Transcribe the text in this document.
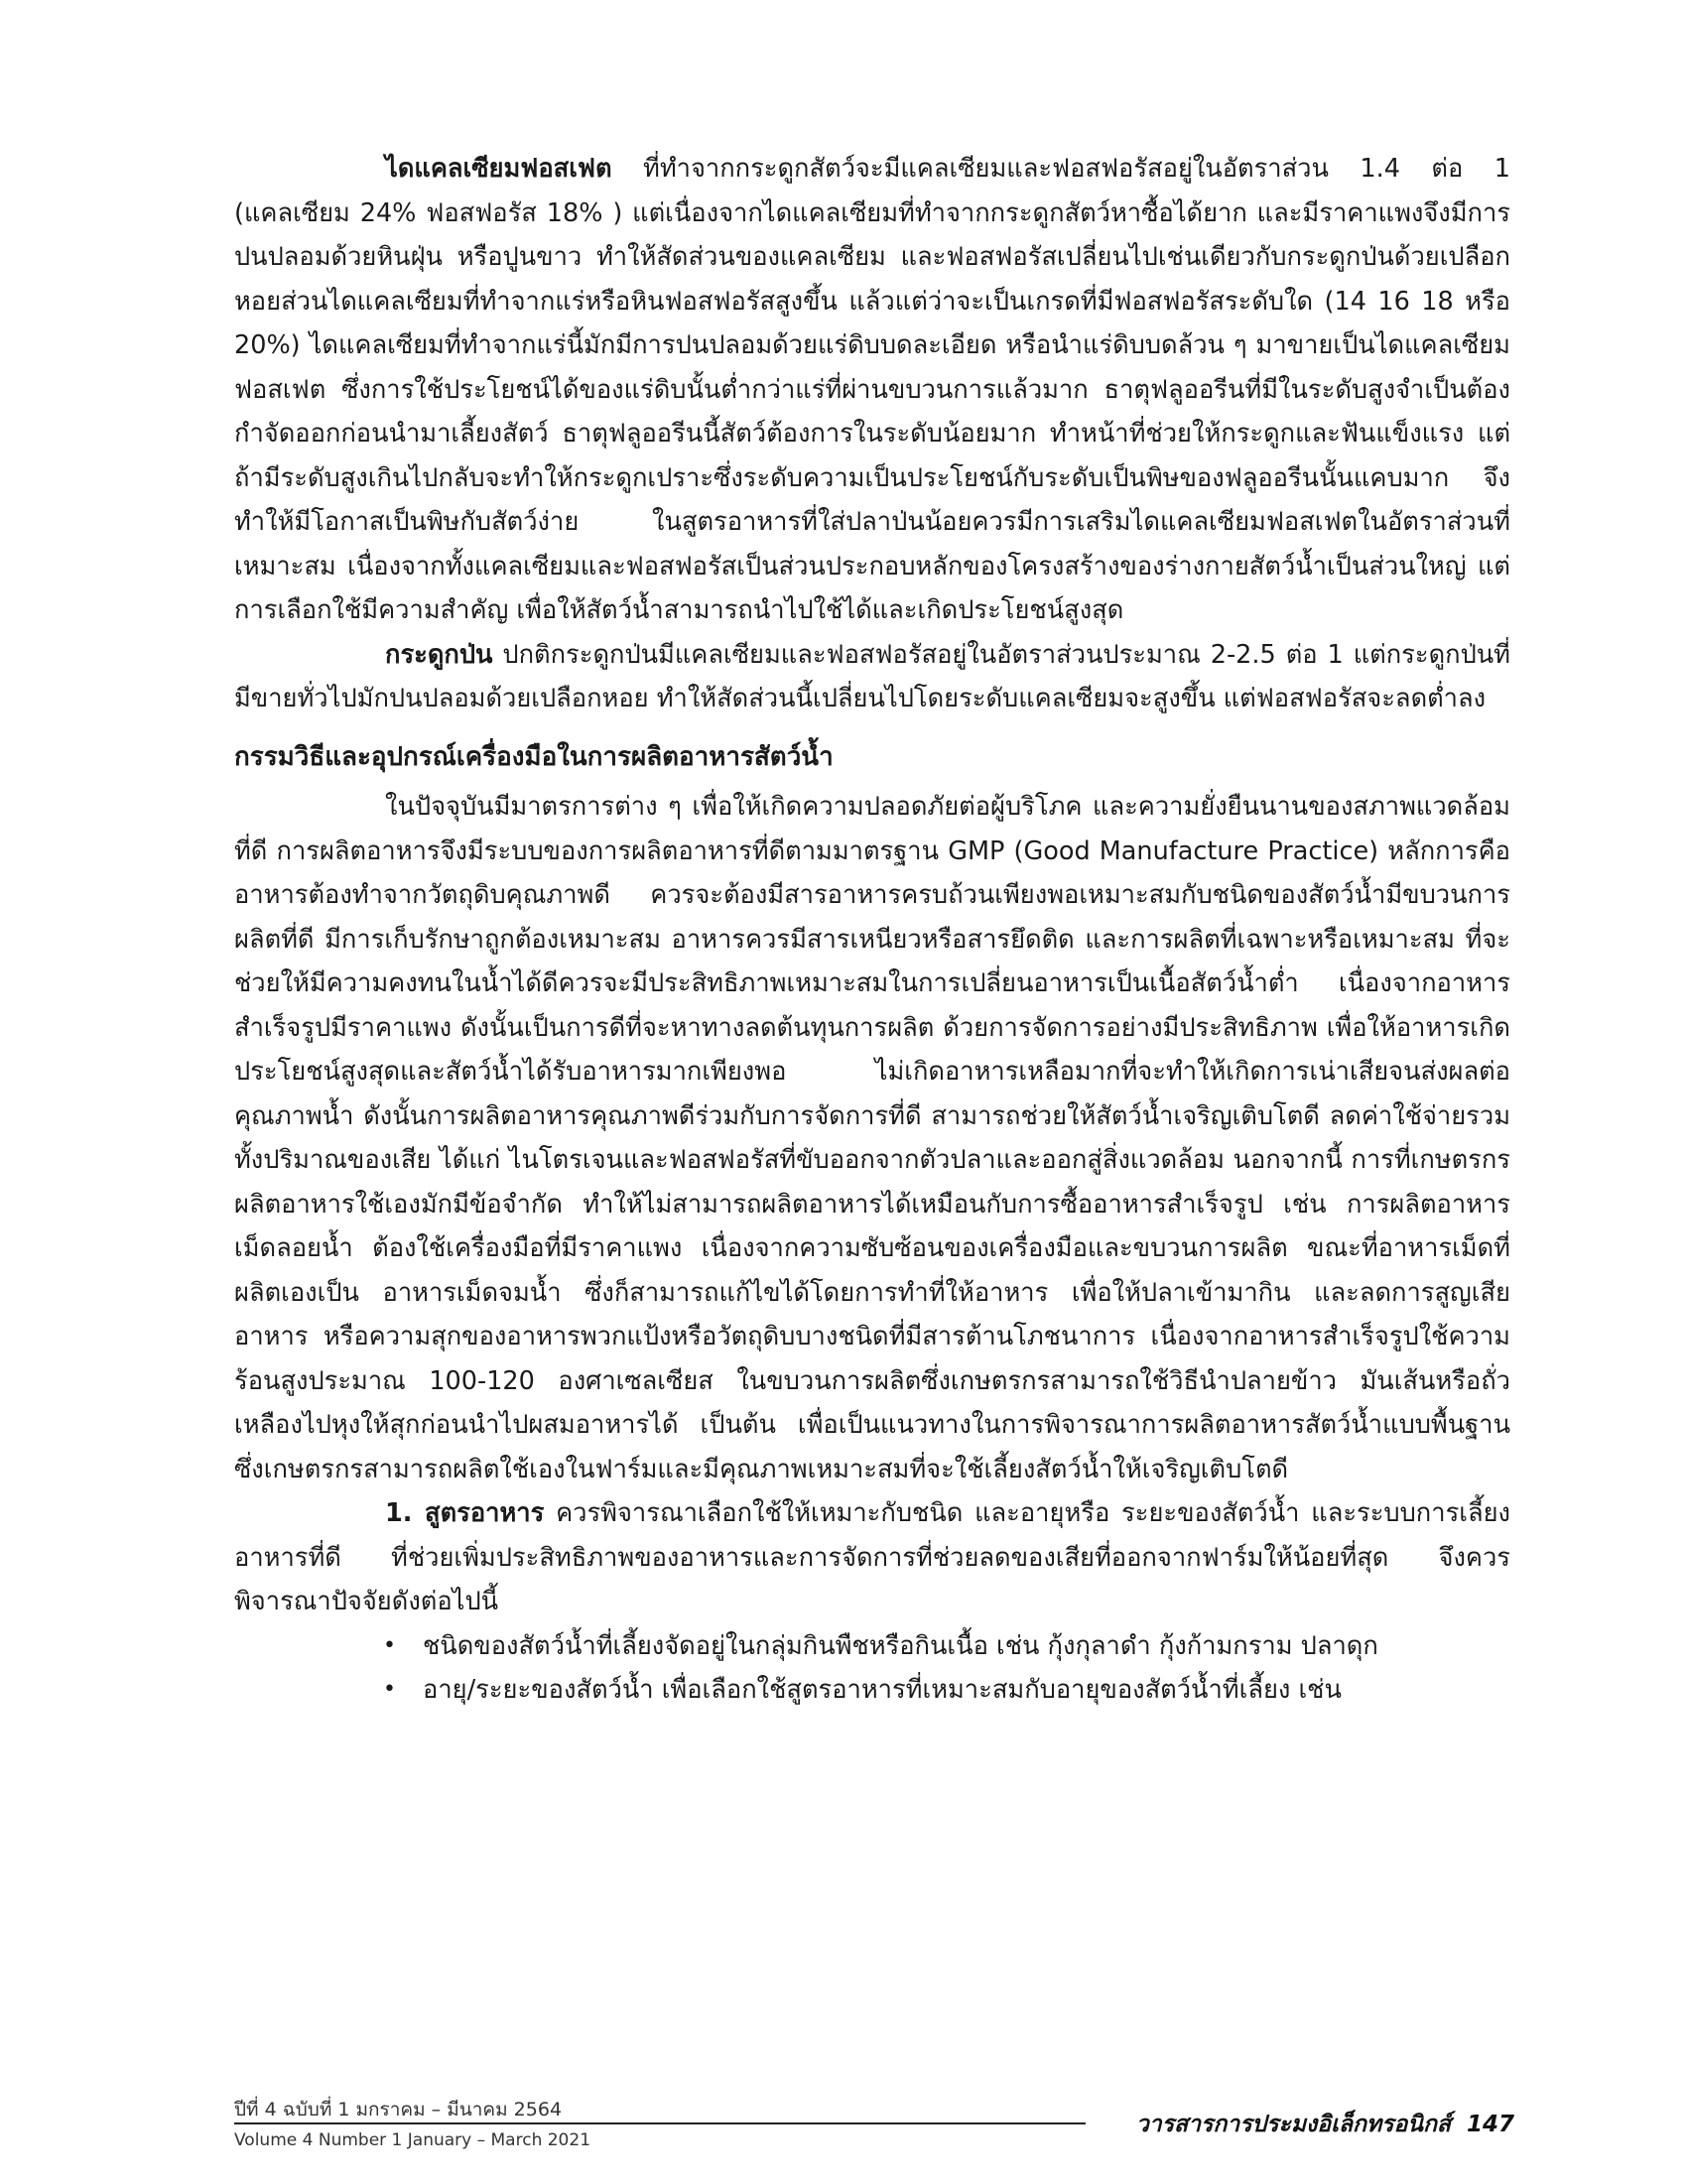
ไดแคลเซียมฟอสเฟต ที่ทำจากกระดูกสัตว์จะมีแคลเซียมและฟอสฟอรัสอยู่ในอัตราส่วน 1.4 ต่อ 1 (แคลเซียม 24% ฟอสฟอรัส 18% ) แต่เนื่องจากไดแคลเซียมที่ทำจากกระดูกสัตว์หาซื้อได้ยาก และมีราคาแพงจึงมีการปนปลอมด้วยหินฝุ่น หรือปูนขาว ทำให้สัดส่วนของแคลเซียม และฟอสฟอรัสเปลี่ยนไปเช่นเดียวกับกระดูกป่นด้วยเปลือกหอยส่วนไดแคลเซียมที่ทำจากแร่หรือหินฟอสฟอรัสสูงขึ้น แล้วแต่ว่าจะเป็นเกรดที่มีฟอสฟอรัสระดับใด (14 16 18 หรือ 20%) ไดแคลเซียมที่ทำจากแร่นี้มักมีการปนปลอมด้วยแร่ดิบบดละเอียด หรือนำแร่ดิบบดล้วน ๆ มาขายเป็นไดแคลเซียมฟอสเฟต ซึ่งการใช้ประโยชน์ได้ของแร่ดิบนั้นต่ำกว่าแร่ที่ผ่านขบวนการแล้วมาก ธาตุฟลูออรีนที่มีในระดับสูงจำเป็นต้องกำจัดออกก่อนนำมาเลี้ยงสัตว์ ธาตุฟลูออรีนนี้สัตว์ต้องการในระดับน้อยมาก ทำหน้าที่ช่วยให้กระดูกและฟันแข็งแรง แต่ถ้ามีระดับสูงเกินไปกลับจะทำให้กระดูกเปราะซึ่งระดับความเป็นประโยชน์กับระดับเป็นพิษของฟลูออรีนนั้นแคบมาก จึงทำให้มีโอกาสเป็นพิษกับสัตว์ง่าย ในสูตรอาหารที่ใส่ปลาป่นน้อยควรมีการเสริมไดแคลเซียมฟอสเฟตในอัตราส่วนที่เหมาะสม เนื่องจากทั้งแคลเซียมและฟอสฟอรัสเป็นส่วนประกอบหลักของโครงสร้างของร่างกายสัตว์น้ำเป็นส่วนใหญ่ แต่การเลือกใช้มีความสำคัญ เพื่อให้สัตว์น้ำสามารถนำไปใช้ได้และเกิดประโยชน์สูงสุด

กระดูกป่น ปกติกระดูกป่นมีแคลเซียมและฟอสฟอรัสอยู่ในอัตราส่วนประมาณ 2-2.5 ต่อ 1 แต่กระดูกป่นที่มีขายทั่วไปมักปนปลอมด้วยเปลือกหอย ทำให้สัดส่วนนี้เปลี่ยนไปโดยระดับแคลเซียมจะสูงขึ้น แต่ฟอสฟอรัสจะลดต่ำลง

กรรมวิธีและอุปกรณ์เครื่องมือในการผลิตอาหารสัตว์น้ำ

ในปัจจุบันมีมาตรการต่าง ๆ เพื่อให้เกิดความปลอดภัยต่อผู้บริโภค และความยั่งยืนนานของสภาพแวดล้อมที่ดี การผลิตอาหารจึงมีระบบของการผลิตอาหารที่ดีตามมาตรฐาน GMP (Good Manufacture Practice) หลักการคือ อาหารต้องทำจากวัตถุดิบคุณภาพดี ควรจะต้องมีสารอาหารครบถ้วนเพียงพอเหมาะสมกับชนิดของสัตว์น้ำมีขบวนการผลิตที่ดี มีการเก็บรักษาถูกต้องเหมาะสม อาหารควรมีสารเหนียวหรือสารยึดติด และการผลิตที่เฉพาะหรือเหมาะสม ที่จะช่วยให้มีความคงทนในน้ำได้ดีควรจะมีประสิทธิภาพเหมาะสมในการเปลี่ยนอาหารเป็นเนื้อสัตว์น้ำต่ำ เนื่องจากอาหารสำเร็จรูปมีราคาแพง ดังนั้นเป็นการดีที่จะหาทางลดต้นทุนการผลิต ด้วยการจัดการอย่างมีประสิทธิภาพ เพื่อให้อาหารเกิดประโยชน์สูงสุดและสัตว์น้ำได้รับอาหารมากเพียงพอ ไม่เกิดอาหารเหลือมากที่จะทำให้เกิดการเน่าเสียจนส่งผลต่อคุณภาพน้ำ ดังนั้นการผลิตอาหารคุณภาพดีร่วมกับการจัดการที่ดี สามารถช่วยให้สัตว์น้ำเจริญเติบโตดี ลดค่าใช้จ่ายรวมทั้งปริมาณของเสีย ได้แก่ ไนโตรเจนและฟอสฟอรัสที่ขับออกจากตัวปลาและออกสู่สิ่งแวดล้อม นอกจากนี้ การที่เกษตรกรผลิตอาหารใช้เองมักมีข้อจำกัด ทำให้ไม่สามารถผลิตอาหารได้เหมือนกับการซื้ออาหารสำเร็จรูป เช่น การผลิตอาหารเม็ดลอยน้ำ ต้องใช้เครื่องมือที่มีราคาแพง เนื่องจากความซับซ้อนของเครื่องมือและขบวนการผลิต ขณะที่อาหารเม็ดที่ผลิตเองเป็น อาหารเม็ดจมน้ำ ซึ่งก็สามารถแก้ไขได้โดยการทำที่ให้อาหาร เพื่อให้ปลาเข้ามากิน และลดการสูญเสียอาหาร หรือความสุกของอาหารพวกแป้งหรือวัตถุดิบบางชนิดที่มีสารต้านโภชนาการ เนื่องจากอาหารสำเร็จรูปใช้ความร้อนสูงประมาณ 100-120 องศาเซลเซียส ในขบวนการผลิตซึ่งเกษตรกรสามารถใช้วิธีนำปลายข้าว มันเส้นหรือถั่วเหลืองไปหุงให้สุกก่อนนำไปผสมอาหารได้ เป็นต้น เพื่อเป็นแนวทางในการพิจารณาการผลิตอาหารสัตว์น้ำแบบพื้นฐาน ซึ่งเกษตรกรสามารถผลิตใช้เองในฟาร์มและมีคุณภาพเหมาะสมที่จะใช้เลี้ยงสัตว์น้ำให้เจริญเติบโตดี

1. สูตรอาหาร ควรพิจารณาเลือกใช้ให้เหมาะกับชนิด และอายุหรือ ระยะของสัตว์น้ำ และระบบการเลี้ยง อาหารที่ดี ที่ช่วยเพิ่มประสิทธิภาพของอาหารและการจัดการที่ช่วยลดของเสียที่ออกจากฟาร์มให้น้อยที่สุด จึงควรพิจารณาปัจจัยดังต่อไปนี้

• ชนิดของสัตว์น้ำที่เลี้ยงจัดอยู่ในกลุ่มกินพืชหรือกินเนื้อ เช่น กุ้งกุลาดำ กุ้งก้ามกราม ปลาดุก
• อายุ/ระยะของสัตว์น้ำ เพื่อเลือกใช้สูตรอาหารที่เหมาะสมกับอายุของสัตว์น้ำที่เลี้ยง เช่น
ปีที่ 4 ฉบับที่ 1 มกราคม – มีนาคม 2564
Volume 4 Number 1 January – March 2021
วารสารการประมงอิเล็กทรอนิกส์ 147
